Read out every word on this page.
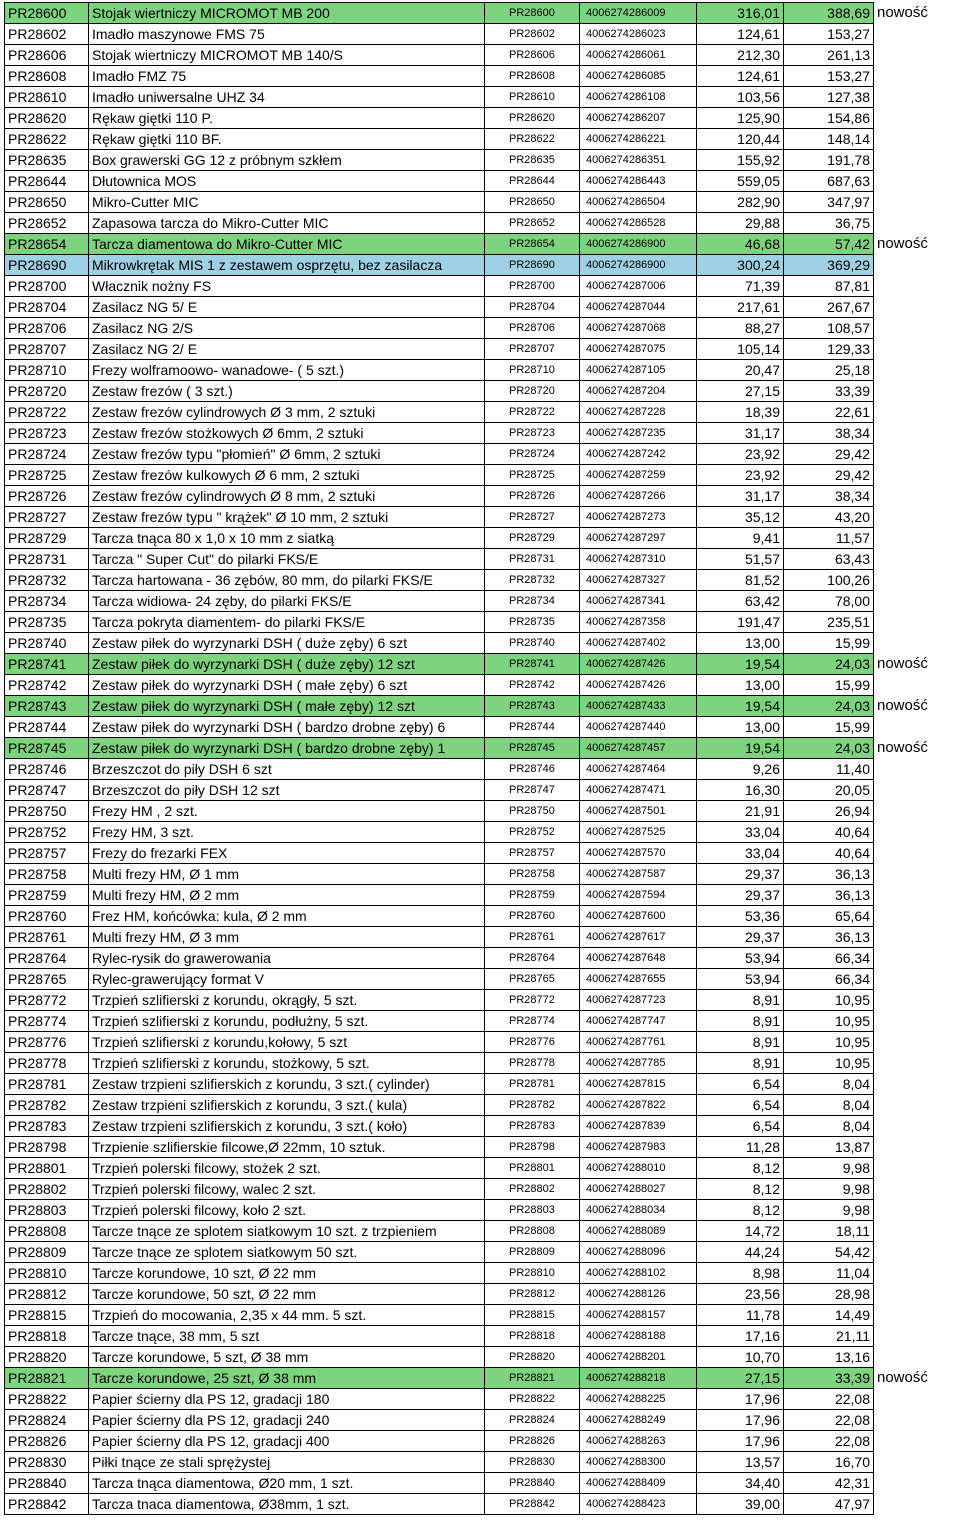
PR28600	Stojak wiertniczy MICROMOT MB 200	PR28600	4006274286009	316,01	388,69	nowość
PR28602	Imadło maszynowe FMS 75	PR28602	4006274286023	124,61	153,27	
PR28606	Stojak wiertniczy MICROMOT MB 140/S	PR28606	4006274286061	212,30	261,13	
PR28608	Imadło FMZ 75	PR28608	4006274286085	124,61	153,27	
PR28610	Imadło uniwersalne UHZ 34	PR28610	4006274286108	103,56	127,38	
PR28620	Rękaw giętki 110 P.	PR28620	4006274286207	125,90	154,86	
PR28622	Rękaw giętki 110 BF.	PR28622	4006274286221	120,44	148,14	
PR28635	Box grawerski GG 12 z próbnym szkłem	PR28635	4006274286351	155,92	191,78	
PR28644	Dłutownica MOS	PR28644	4006274286443	559,05	687,63	
PR28650	Mikro-Cutter MIC	PR28650	4006274286504	282,90	347,97	
PR28652	Zapasowa tarcza do Mikro-Cutter MIC	PR28652	4006274286528	29,88	36,75	
PR28654	Tarcza diamentowa do Mikro-Cutter MIC	PR28654	4006274286900	46,68	57,42	nowość
PR28690	Mikrowkrętak MIS 1 z zestawem osprzętu, bez zasilacza	PR28690	4006274286900	300,24	369,29	
PR28700	Włacznik nożny FS	PR28700	4006274287006	71,39	87,81	
PR28704	Zasilacz NG 5/ E	PR28704	4006274287044	217,61	267,67	
PR28706	Zasilacz NG 2/S	PR28706	4006274287068	88,27	108,57	
PR28707	Zasilacz NG 2/ E	PR28707	4006274287075	105,14	129,33	
PR28710	Frezy wolframoowo- wanadowe- ( 5 szt.)	PR28710	4006274287105	20,47	25,18	
PR28720	Zestaw frezów ( 3 szt.)	PR28720	4006274287204	27,15	33,39	
PR28722	Zestaw frezów cylindrowych Ø 3 mm, 2 sztuki	PR28722	4006274287228	18,39	22,61	
PR28723	Zestaw frezów stożkowych Ø 6mm, 2 sztuki	PR28723	4006274287235	31,17	38,34	
PR28724	Zestaw frezów typu "płomień" Ø 6mm, 2 sztuki	PR28724	4006274287242	23,92	29,42	
PR28725	Zestaw frezów kulkowych Ø 6 mm, 2 sztuki	PR28725	4006274287259	23,92	29,42	
PR28726	Zestaw frezów cylindrowych Ø 8 mm, 2 sztuki	PR28726	4006274287266	31,17	38,34	
PR28727	Zestaw frezów typu " krążek" Ø 10 mm, 2 sztuki	PR28727	4006274287273	35,12	43,20	
PR28729	Tarcza tnąca 80 x 1,0 x 10 mm z siatką	PR28729	4006274287297	9,41	11,57	
PR28731	Tarcza " Super Cut" do pilarki FKS/E	PR28731	4006274287310	51,57	63,43	
PR28732	Tarcza hartowana - 36 zębów, 80 mm, do pilarki FKS/E	PR28732	4006274287327	81,52	100,26	
PR28734	Tarcza widiowa- 24 zęby, do pilarki FKS/E	PR28734	4006274287341	63,42	78,00	
PR28735	Tarcza pokryta diamentem- do pilarki FKS/E	PR28735	4006274287358	191,47	235,51	
PR28740	Zestaw piłek do wyrzynarki DSH ( duże zęby) 6 szt	PR28740	4006274287402	13,00	15,99	
PR28741	Zestaw piłek do wyrzynarki DSH ( duże zęby) 12 szt	PR28741	4006274287426	19,54	24,03	nowość
PR28742	Zestaw piłek do wyrzynarki DSH ( małe zęby) 6 szt	PR28742	4006274287426	13,00	15,99	
PR28743	Zestaw piłek do wyrzynarki DSH ( małe zęby) 12 szt	PR28743	4006274287433	19,54	24,03	nowość
PR28744	Zestaw piłek do wyrzynarki DSH ( bardzo drobne zęby) 6	PR28744	4006274287440	13,00	15,99	
PR28745	Zestaw piłek do wyrzynarki DSH ( bardzo drobne zęby) 1	PR28745	4006274287457	19,54	24,03	nowość
PR28746	Brzeszczot do piły DSH 6 szt	PR28746	4006274287464	9,26	11,40	
PR28747	Brzeszczot do piły DSH 12 szt	PR28747	4006274287471	16,30	20,05	
PR28750	Frezy HM , 2 szt.	PR28750	4006274287501	21,91	26,94	
PR28752	Frezy HM, 3 szt.	PR28752	4006274287525	33,04	40,64	
PR28757	Frezy do frezarki FEX	PR28757	4006274287570	33,04	40,64	
PR28758	Multi frezy HM, Ø 1 mm	PR28758	4006274287587	29,37	36,13	
PR28759	Multi frezy HM, Ø 2 mm	PR28759	4006274287594	29,37	36,13	
PR28760	Frez HM, końcówka: kula, Ø 2 mm	PR28760	4006274287600	53,36	65,64	
PR28761	Multi frezy HM, Ø 3 mm	PR28761	4006274287617	29,37	36,13	
PR28764	Rylec-rysik do grawerowania	PR28764	4006274287648	53,94	66,34	
PR28765	Rylec-grawerujący format V	PR28765	4006274287655	53,94	66,34	
PR28772	Trzpień szlifierski z korundu, okrągły, 5 szt.	PR28772	4006274287723	8,91	10,95	
PR28774	Trzpień szlifierski z korundu, podłużny, 5 szt.	PR28774	4006274287747	8,91	10,95	
PR28776	Trzpień szlifierski z korundu,kołowy, 5 szt	PR28776	4006274287761	8,91	10,95	
PR28778	Trzpień szlifierski z korundu, stożkowy, 5 szt.	PR28778	4006274287785	8,91	10,95	
PR28781	Zestaw trzpieni szlifierskich z korundu, 3 szt.( cylinder)	PR28781	4006274287815	6,54	8,04	
PR28782	Zestaw trzpieni szlifierskich z korundu, 3 szt.( kula)	PR28782	4006274287822	6,54	8,04	
PR28783	Zestaw trzpieni szlifierskich z korundu, 3 szt.( koło)	PR28783	4006274287839	6,54	8,04	
PR28798	Trzpienie szlifierskie filcowe,Ø 22mm, 10 sztuk.	PR28798	4006274287983	11,28	13,87	
PR28801	Trzpień polerski filcowy, stożek 2 szt.	PR28801	4006274288010	8,12	9,98	
PR28802	Trzpień polerski filcowy, walec 2 szt.	PR28802	4006274288027	8,12	9,98	
PR28803	Trzpień polerski filcowy, koło 2 szt.	PR28803	4006274288034	8,12	9,98	
PR28808	Tarcze tnące ze splotem siatkowym 10 szt. z trzpieniem	PR28808	4006274288089	14,72	18,11	
PR28809	Tarcze tnące ze splotem siatkowym 50 szt.	PR28809	4006274288096	44,24	54,42	
PR28810	Tarcze korundowe, 10 szt, Ø 22 mm	PR28810	4006274288102	8,98	11,04	
PR28812	Tarcze korundowe, 50 szt, Ø 22 mm	PR28812	4006274288126	23,56	28,98	
PR28815	Trzpień do mocowania, 2,35 x 44 mm. 5 szt.	PR28815	4006274288157	11,78	14,49	
PR28818	Tarcze tnące, 38 mm, 5 szt	PR28818	4006274288188	17,16	21,11	
PR28820	Tarcze korundowe, 5 szt, Ø 38 mm	PR28820	4006274288201	10,70	13,16	
PR28821	Tarcze korundowe, 25 szt, Ø 38 mm	PR28821	4006274288218	27,15	33,39	nowość
PR28822	Papier ścierny dla PS 12, gradacji 180	PR28822	4006274288225	17,96	22,08	
PR28824	Papier ścierny dla PS 12, gradacji 240	PR28824	4006274288249	17,96	22,08	
PR28826	Papier ścierny dla PS 12, gradacji 400	PR28826	4006274288263	17,96	22,08	
PR28830	Piłki tnące ze stali sprężystej	PR28830	4006274288300	13,57	16,70	
PR28840	Tarcza tnąca diamentowa, Ø20 mm, 1 szt.	PR28840	4006274288409	34,40	42,31	
PR28842	Tarcza tnaca diamentowa, Ø38mm, 1 szt.	PR28842	4006274288423	39,00	47,97	
